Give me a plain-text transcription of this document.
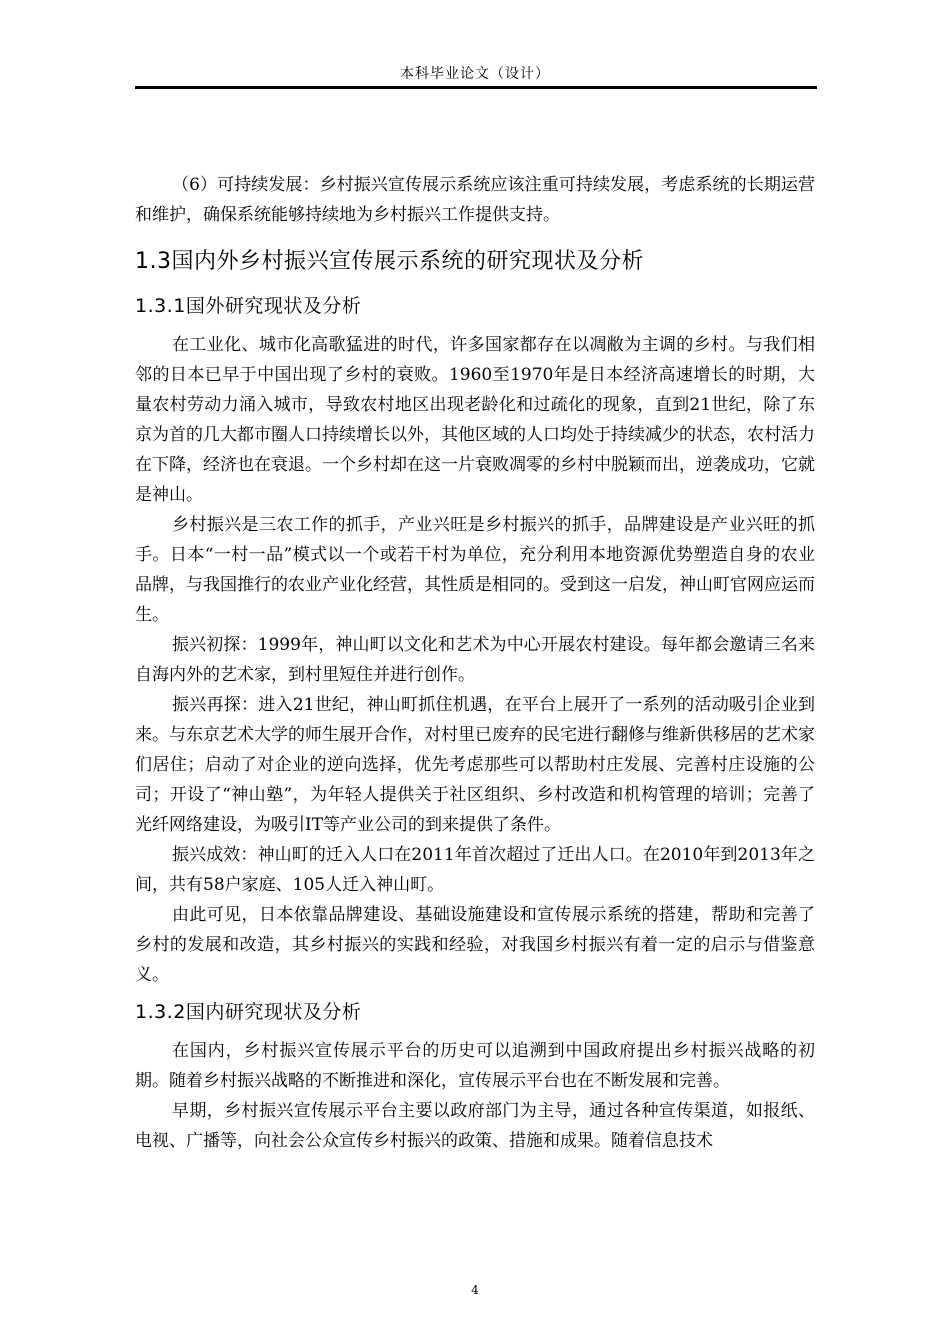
本科毕业论文（设计）

（6）可持续发展：乡村振兴宣传展示系统应该注重可持续发展，考虑系统的长期运营和维护，确保系统能够持续地为乡村振兴工作提供支持。

1.3国内外乡村振兴宣传展示系统的研究现状及分析
1.3.1国外研究现状及分析

在工业化、城市化高歌猛进的时代，许多国家都存在以凋敝为主调的乡村。与我们相邻的日本已早于中国出现了乡村的衰败。1960至1970年是日本经济高速增长的时期，大量农村劳动力涌入城市，导致农村地区出现老龄化和过疏化的现象，直到21世纪，除了东京为首的几大都市圈人口持续增长以外，其他区域的人口均处于持续减少的状态，农村活力在下降，经济也在衰退。一个乡村却在这一片衰败凋零的乡村中脱颖而出，逆袭成功，它就是神山。

乡村振兴是三农工作的抓手，产业兴旺是乡村振兴的抓手，品牌建设是产业兴旺的抓手。日本“一村一品”模式以一个或若干村为单位，充分利用本地资源优势塑造自身的农业品牌，与我国推行的农业产业化经营，其性质是相同的。受到这一启发，神山町官网应运而生。

振兴初探：1999年，神山町以文化和艺术为中心开展农村建设。每年都会邀请三名来自海内外的艺术家，到村里短住并进行创作。

振兴再探：进入21世纪，神山町抓住机遇，在平台上展开了一系列的活动吸引企业到来。与东京艺术大学的师生展开合作，对村里已废弃的民宅进行翻修与维新供移居的艺术家们居住；启动了对企业的逆向选择，优先考虑那些可以帮助村庄发展、完善村庄设施的公司；开设了“神山塾”，为年轻人提供关于社区组织、乡村改造和机构管理的培训；完善了光纤网络建设，为吸引IT等产业公司的到来提供了条件。

振兴成效：神山町的迁入人口在2011年首次超过了迁出人口。在2010年到2013年之间，共有58户家庭、105人迁入神山町。

由此可见，日本依靠品牌建设、基础设施建设和宣传展示系统的搭建，帮助和完善了乡村的发展和改造，其乡村振兴的实践和经验，对我国乡村振兴有着一定的启示与借鉴意义。

1.3.2国内研究现状及分析

在国内，乡村振兴宣传展示平台的历史可以追溯到中国政府提出乡村振兴战略的初期。随着乡村振兴战略的不断推进和深化，宣传展示平台也在不断发展和完善。

早期，乡村振兴宣传展示平台主要以政府部门为主导，通过各种宣传渠道，如报纸、电视、广播等，向社会公众宣传乡村振兴的政策、措施和成果。随着信息技术

4
